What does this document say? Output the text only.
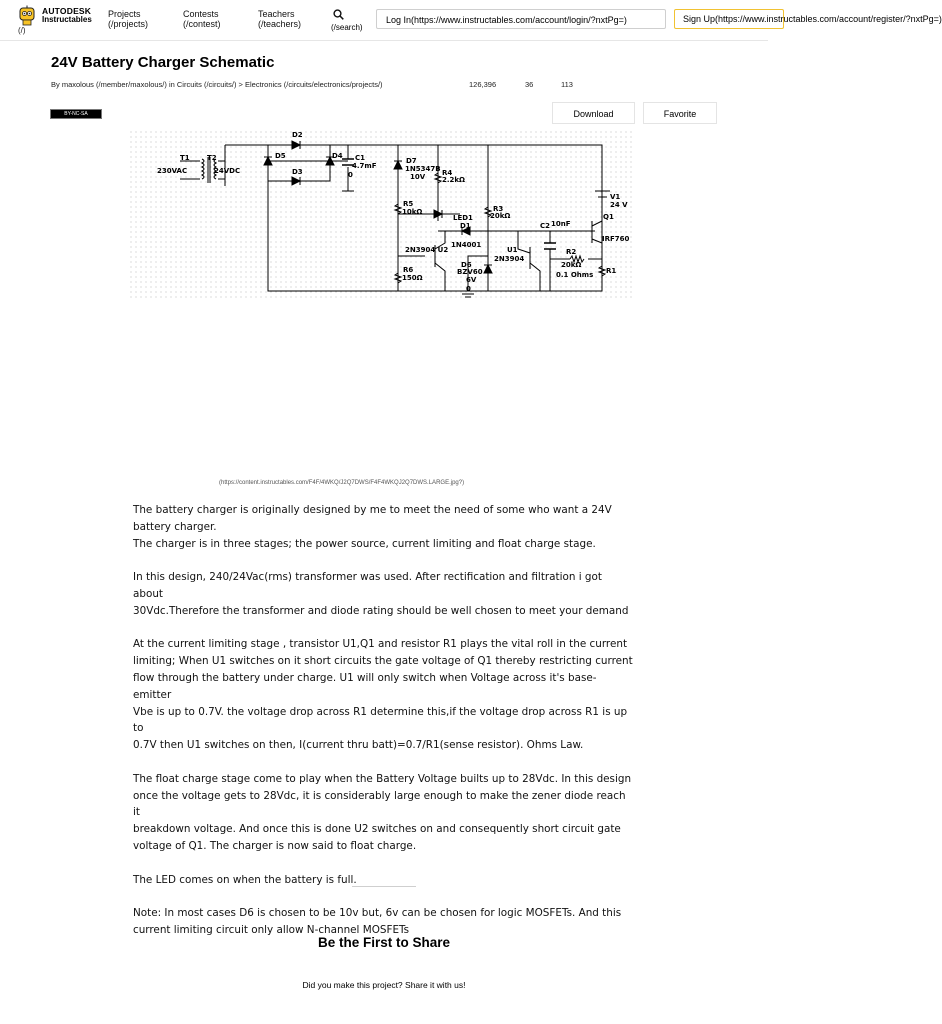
AUTODESK
Instructables
(/)
Projects
(/projects)
Contests
(/contest)
Teachers
(/teachers)	(/search)
Log In(https://www.instructables.com/account/login/?nxtPg=)	Sign Up(https://www.instructables.com/account/register/?nxtPg=)
24V Battery Charger Schematic
By maxolous (/member/maxolous/) in Circuits (/circuits/) > Electronics (/circuits/electronics/projects/)	126,396	36	113
BY-NC-SA	Download	Favorite
D2
T1 T2
230VAC	24VDC
D5	D4
D3
C1
4.7mF
0
D7
1N5347B
10V R4
2.2kΩ
R5
10kΩ	R3
20kΩ
LED1
D1
1N4001
C2 10nF
V1
24 V
Q1
IRF760
2N3904 U2	U1
2N3904
R2
20kΩ
0.1 Ohms R1
D6
BZV60
6V
R6
150Ω
0
(https://content.instructables.com/F4F/4WKQ/J2Q7DWS/F4F4WKQJ2Q7DWS.LARGE.jpg?)

The battery charger is originally designed by me to meet the need of some who want a 24V
battery charger.
The charger is in three stages; the power source, current limiting and float charge stage.

In this design, 240/24Vac(rms) transformer was used. After rectification and filtration i got about
30Vdc.Therefore the transformer and diode rating should be well chosen to meet your demand

At the current limiting stage , transistor U1,Q1 and resistor R1 plays the vital roll in the current
limiting; When U1 switches on it short circuits the gate voltage of Q1 thereby restricting current
flow through the battery under charge. U1 will only switch when Voltage across it's base-emitter
Vbe is up to 0.7V. the voltage drop across R1 determine this,if the voltage drop across R1 is up to
0.7V then U1 switches on then, I(current thru batt)=0.7/R1(sense resistor). Ohms Law.

The float charge stage come to play when the Battery Voltage builts up to 28Vdc. In this design
once the voltage gets to 28Vdc, it is considerably large enough to make the zener diode reach it
breakdown voltage. And once this is done U2 switches on and consequently short circuit gate
voltage of Q1. The charger is now said to float charge.

The LED comes on when the battery is full.

Note: In most cases D6 is chosen to be 10v but, 6v can be chosen for logic MOSFETs. And this
current limiting circuit only allow N-channel MOSFETs

Be the First to Share
Did you make this project? Share it with us!
